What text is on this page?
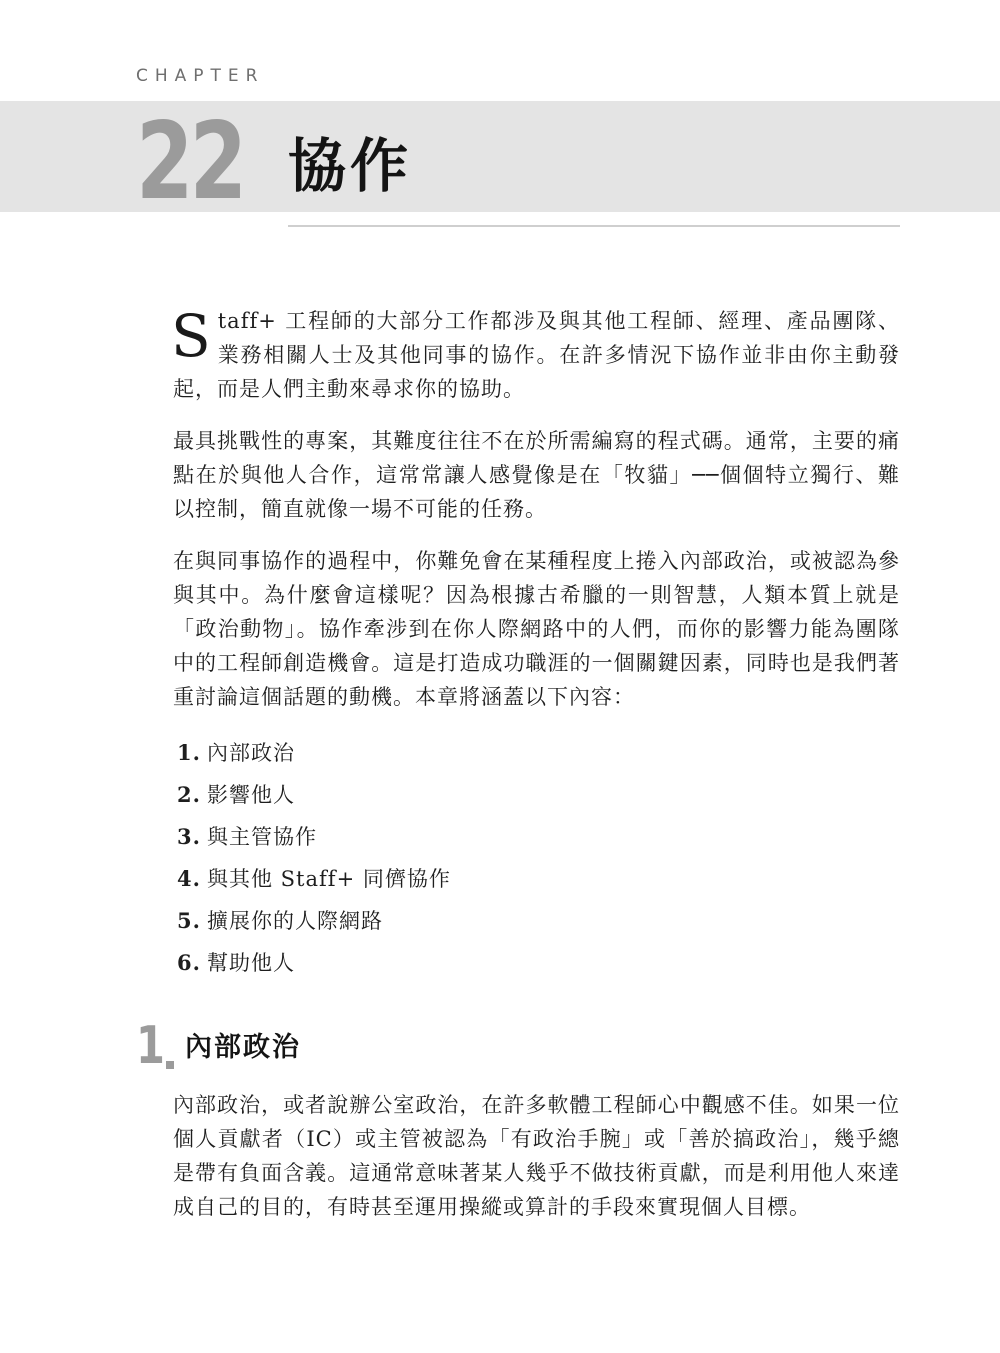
CHAPTER
22 協作

Staff+ 工程師的大部分工作都涉及與其他工程師、經理、產品團隊、業務相關人士及其他同事的協作。在許多情況下協作並非由你主動發起，而是人們主動來尋求你的協助。

最具挑戰性的專案，其難度往往不在於所需編寫的程式碼。通常，主要的痛點在於與他人合作，這常常讓人感覺像是在「牧貓」──個個特立獨行、難以控制，簡直就像一場不可能的任務。

在與同事協作的過程中，你難免會在某種程度上捲入內部政治，或被認為參與其中。為什麼會這樣呢？因為根據古希臘的一則智慧，人類本質上就是「政治動物」。協作牽涉到在你人際網路中的人們，而你的影響力能為團隊中的工程師創造機會。這是打造成功職涯的一個關鍵因素，同時也是我們著重討論這個話題的動機。本章將涵蓋以下內容：

1. 內部政治
2. 影響他人
3. 與主管協作
4. 與其他 Staff+ 同儕協作
5. 擴展你的人際網路
6. 幫助他人
1 內部政治

內部政治，或者說辦公室政治，在許多軟體工程師心中觀感不佳。如果一位個人貢獻者（IC）或主管被認為「有政治手腕」或「善於搞政治」，幾乎總是帶有負面含義。這通常意味著某人幾乎不做技術貢獻，而是利用他人來達成自己的目的，有時甚至運用操縱或算計的手段來實現個人目標。
